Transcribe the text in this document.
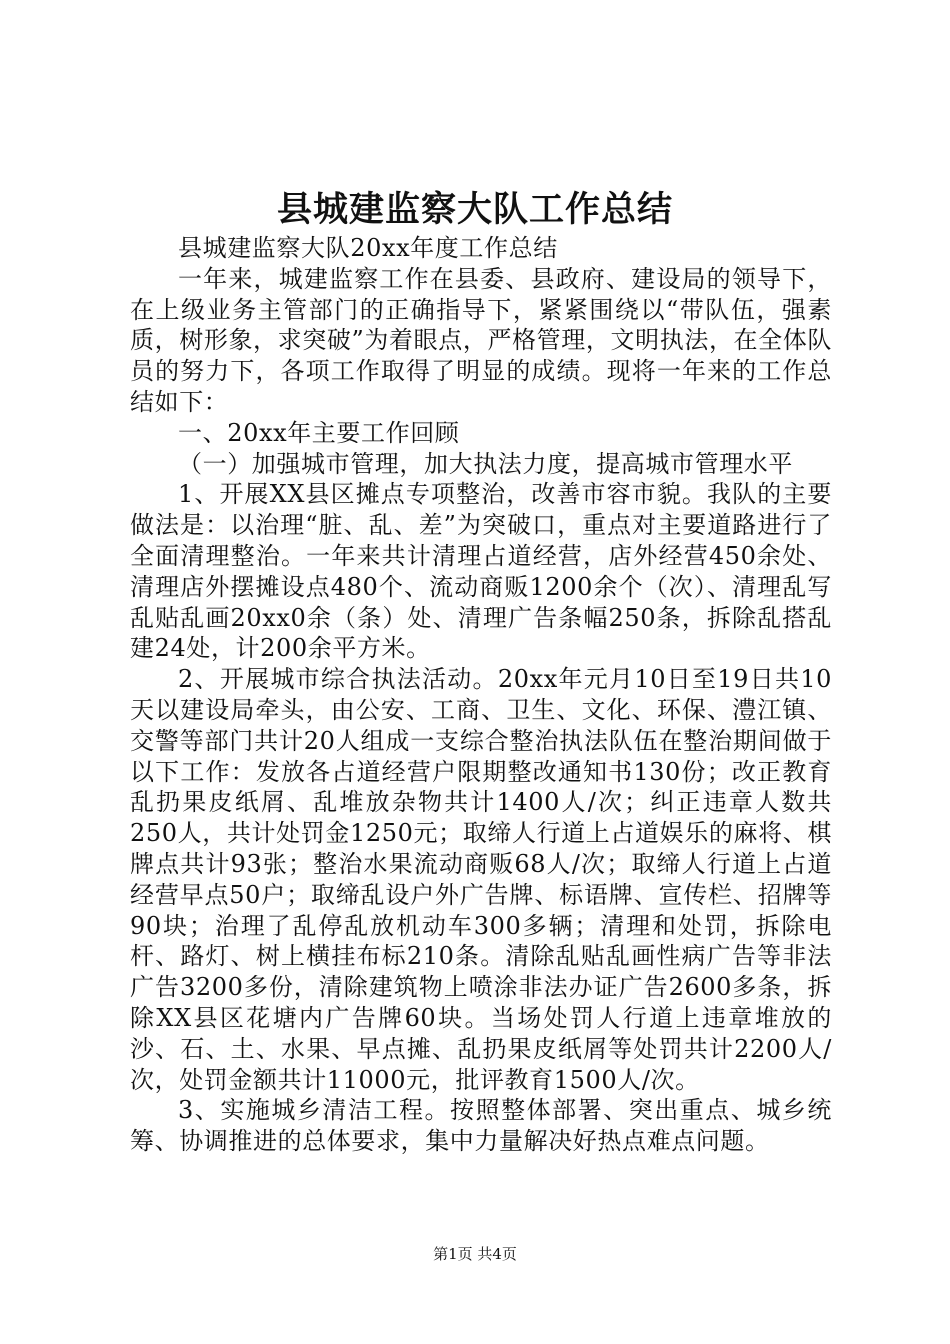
县城建监察大队工作总结

县城建监察大队20xx年度工作总结

一年来，城建监察工作在县委、县政府、建设局的领导下，在上级业务主管部门的正确指导下，紧紧围绕以“带队伍，强素质，树形象，求突破”为着眼点，严格管理，文明执法，在全体队员的努力下，各项工作取得了明显的成绩。现将一年来的工作总结如下：

一、20xx年主要工作回顾

（一）加强城市管理，加大执法力度，提高城市管理水平

1、开展XX县区摊点专项整治，改善市容市貌。我队的主要做法是：以治理“脏、乱、差”为突破口，重点对主要道路进行了全面清理整治。一年来共计清理占道经营，店外经营450余处、清理店外摆摊设点480个、流动商贩1200余个（次）、清理乱写乱贴乱画20xx0余（条）处、清理广告条幅250条，拆除乱搭乱建24处，计200余平方米。

2、开展城市综合执法活动。20xx年元月10日至19日共10天以建设局牵头，由公安、工商、卫生、文化、环保、澧江镇、交警等部门共计20人组成一支综合整治执法队伍在整治期间做于以下工作：发放各占道经营户限期整改通知书130份；改正教育乱扔果皮纸屑、乱堆放杂物共计1400人/次；纠正违章人数共250人，共计处罚金1250元；取缔人行道上占道娱乐的麻将、棋牌点共计93张；整治水果流动商贩68人/次；取缔人行道上占道经营早点50户；取缔乱设户外广告牌、标语牌、宣传栏、招牌等90块；治理了乱停乱放机动车300多辆；清理和处罚，拆除电杆、路灯、树上横挂布标210条。清除乱贴乱画性病广告等非法广告3200多份，清除建筑物上喷涂非法办证广告2600多条，拆除XX县区花塘内广告牌60块。当场处罚人行道上违章堆放的沙、石、土、水果、早点摊、乱扔果皮纸屑等处罚共计2200人/次，处罚金额共计11000元，批评教育1500人/次。

3、实施城乡清洁工程。按照整体部署、突出重点、城乡统筹、协调推进的总体要求，集中力量解决好热点难点问题。

第1页 共4页
